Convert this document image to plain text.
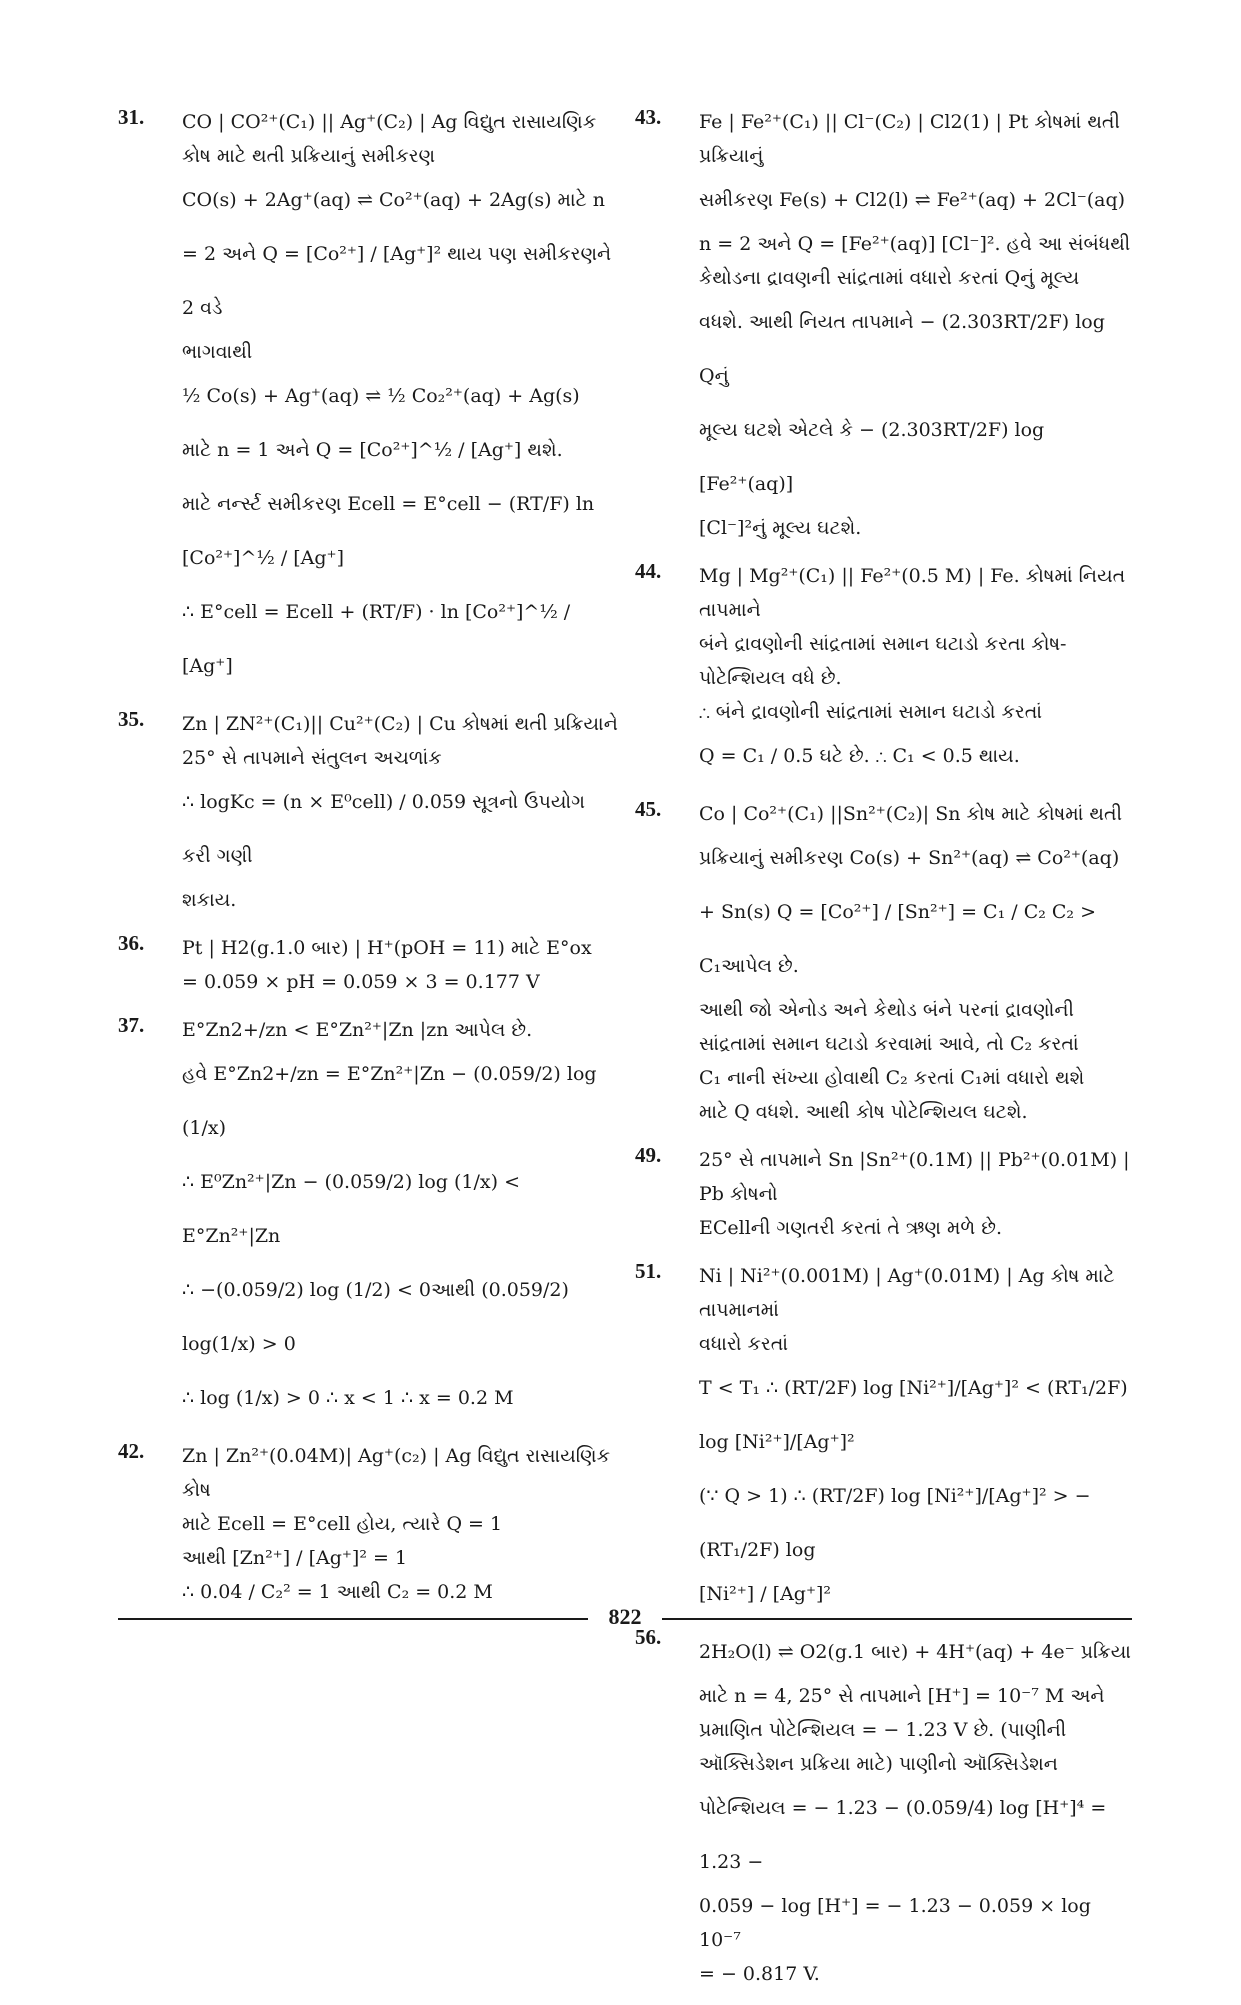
31. CO | CO²⁺(C₁) || Ag⁺(C₂) | Ag વિદ્યુત રાસાયણિક

કોષ માટે થતી પ્રક્રિયાનું સમીકરણ

CO(s) + 2Ag⁺(aq) ⇌ Co²⁺(aq) + 2Ag(s) માટે n

= 2 અને Q = [Co²⁺] / [Ag⁺]² થાય પણ સમીકરણને 2 વડે

ભાગવાથી

½ Co(s) + Ag⁺(aq) ⇌ ½ Co₂²⁺(aq) + Ag(s)

માટે n = 1 અને Q = [Co²⁺]^½ / [Ag⁺] થશે.

માટે નર્ન્સ્ટ સમીકરણ Ecell = E°cell − (RT/F) ln [Co²⁺]^½ / [Ag⁺]

∴ E°cell = Ecell + (RT/F) · ln [Co²⁺]^½ / [Ag⁺]

35. Zn | ZN²⁺(C₁)|| Cu²⁺(C₂) | Cu કોષમાં થતી પ્રક્રિયાને

25° સે તાપમાને સંતુલન અચળાંક

∴ logKc = (n × E⁰cell) / 0.059 સૂત્રનો ઉપયોગ કરી ગણી

શકાય.

36. Pt | H2(g.1.0 બાર) | H⁺(pOH = 11) માટે E°ox

= 0.059 × pH = 0.059 × 3 = 0.177 V

37. E°Zn2+/zn < E°Zn²⁺|Zn |zn આપેલ છે.

હવે E°Zn2+/zn = E°Zn²⁺|Zn − (0.059/2) log (1/x)

∴ E⁰Zn²⁺|Zn − (0.059/2) log (1/x) < E°Zn²⁺|Zn

∴ −(0.059/2) log (1/2) < 0આથી (0.059/2) log(1/x) > 0

∴ log (1/x) > 0 ∴ x < 1 ∴ x = 0.2 M

42. Zn | Zn²⁺(0.04M)| Ag⁺(c₂) | Ag વિદ્યુત રાસાયણિક કોષ

માટે Ecell = E°cell હોય, ત્યારે Q = 1

આથી [Zn²⁺] / [Ag⁺]² = 1

∴ 0.04 / C₂² = 1 આથી C₂ = 0.2 M

43. Fe | Fe²⁺(C₁) || Cl⁻(C₂) | Cl2(1) | Pt કોષમાં થતી પ્રક્રિયાનું

સમીકરણ Fe(s) + Cl2(l) ⇌ Fe²⁺(aq) + 2Cl⁻(aq)

n = 2 અને Q = [Fe²⁺(aq)] [Cl⁻]². હવે આ સંબંધથી

કેથોડના દ્રાવણની સાંદ્રતામાં વધારો કરતાં Qનું મૂલ્ય

વધશે. આથી નિયત તાપમાને − (2.303RT/2F) log Qનું

મૂલ્ય ઘટશે એટલે કે − (2.303RT/2F) log [Fe²⁺(aq)]

[Cl⁻]²નું મૂલ્ય ઘટશે.

44. Mg | Mg²⁺(C₁) || Fe²⁺(0.5 M) | Fe. કોષમાં નિયત તાપમાને

બંને દ્રાવણોની સાંદ્રતામાં સમાન ઘટાડો કરતા કોષ-

પોટેન્શિયલ વધે છે.

∴ બંને દ્રાવણોની સાંદ્રતામાં સમાન ઘટાડો કરતાં

Q = C₁ / 0.5 ઘટે છે. ∴ C₁ < 0.5 થાય.

45. Co | Co²⁺(C₁) ||Sn²⁺(C₂)| Sn કોષ માટે કોષમાં થતી

પ્રક્રિયાનું સમીકરણ Co(s) + Sn²⁺(aq) ⇌ Co²⁺(aq)

+ Sn(s) Q = [Co²⁺] / [Sn²⁺] = C₁ / C₂ C₂ > C₁આપેલ છે.

આથી જો એનોડ અને કેથોડ બંને પરનાં દ્રાવણોની

સાંદ્રતામાં સમાન ઘટાડો કરવામાં આવે, તો C₂ કરતાં

C₁ નાની સંખ્યા હોવાથી C₂ કરતાં C₁માં વધારો થશે

માટે Q વધશે. આથી કોષ પોટેન્શિયલ ઘટશે.

49. 25° સે તાપમાને Sn |Sn²⁺(0.1M) || Pb²⁺(0.01M) | Pb કોષનો

ECellની ગણતરી કરતાં તે ઋણ મળે છે.

51. Ni | Ni²⁺(0.001M) | Ag⁺(0.01M) | Ag કોષ માટે તાપમાનમાં

વધારો કરતાં

T < T₁ ∴ (RT/2F) log [Ni²⁺]/[Ag⁺]² < (RT₁/2F) log [Ni²⁺]/[Ag⁺]²

(∵ Q > 1) ∴ (RT/2F) log [Ni²⁺]/[Ag⁺]² > − (RT₁/2F) log

[Ni²⁺] / [Ag⁺]²

56.

2H₂O(l) ⇌ O2(g.1 બાર) + 4H⁺(aq) + 4e⁻ પ્રક્રિયા

માટે n = 4, 25° સે તાપમાને [H⁺] = 10⁻⁷ M અને

પ્રમાણિત પોટેન્શિયલ = − 1.23 V છે. (પાણીની

ઑક્સિડેશન પ્રક્રિયા માટે) પાણીનો ઑક્સિડેશન

પોટેન્શિયલ = − 1.23 − (0.059/4) log [H⁺]⁴ = 1.23 −

0.059 − log [H⁺] = − 1.23 − 0.059 × log 10⁻⁷

= − 0.817 V.

822
